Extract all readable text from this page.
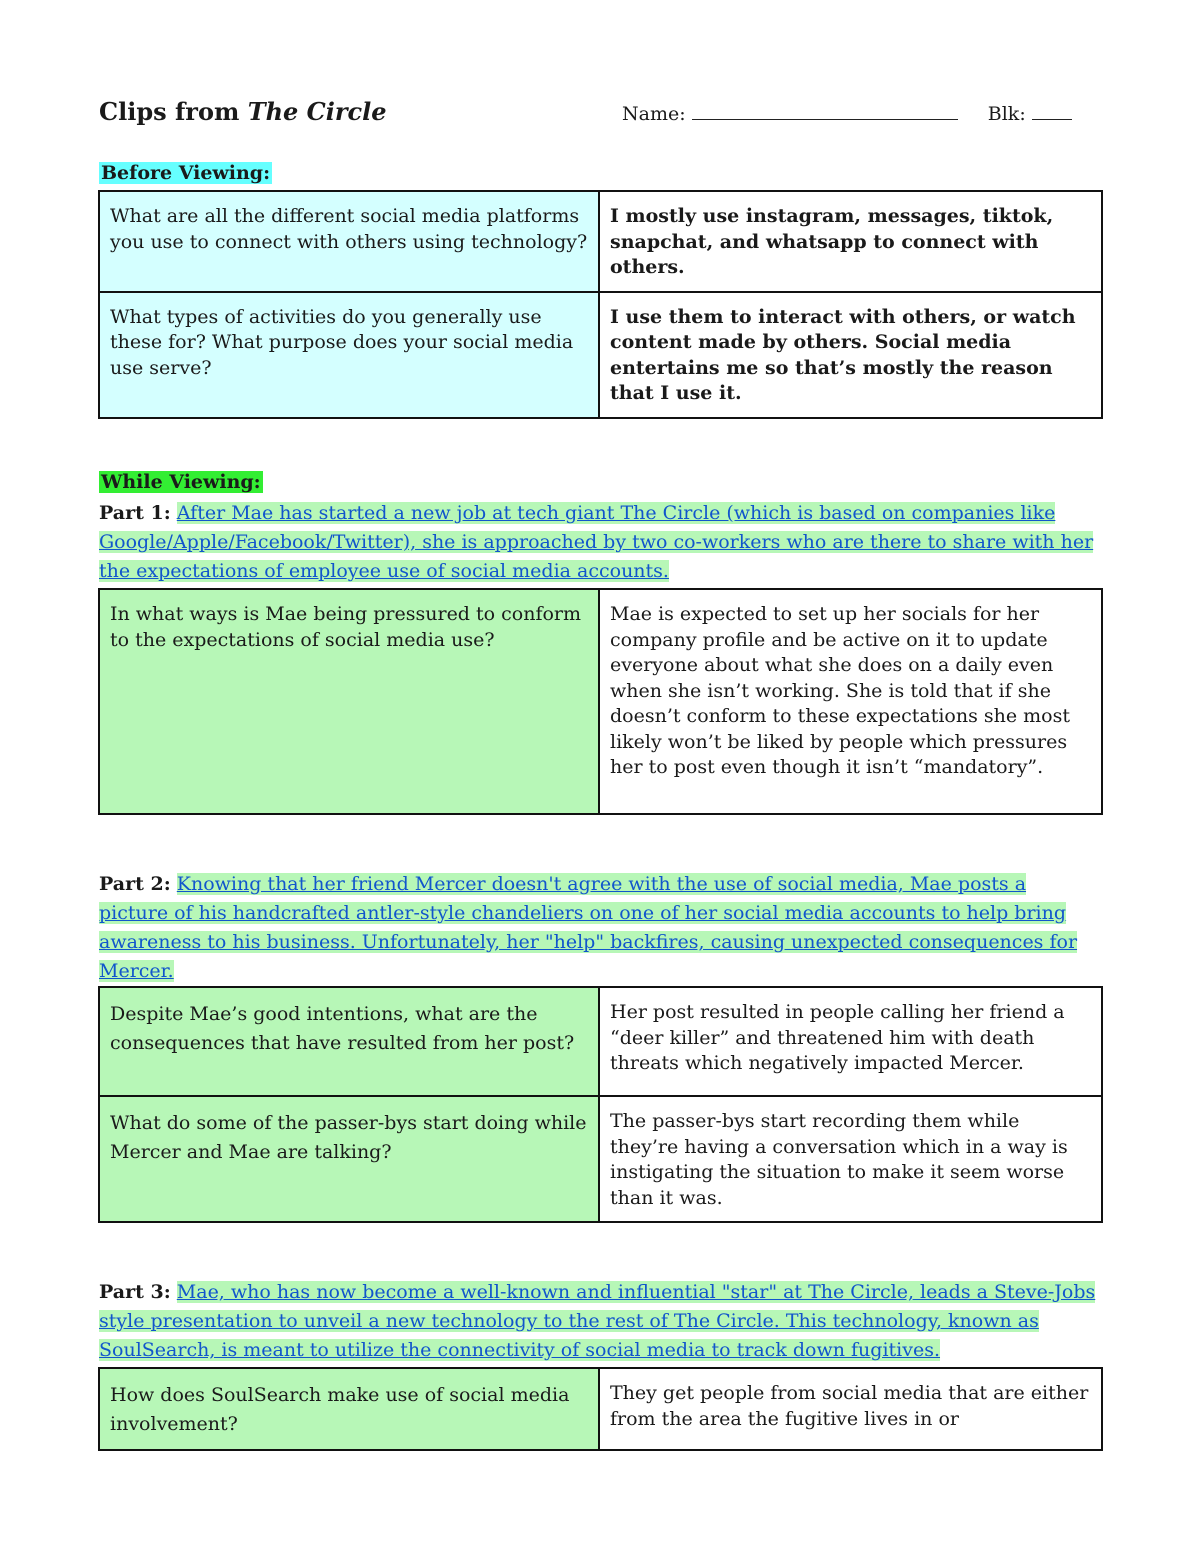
Clips from The Circle	Name:	Blk:
Before Viewing:
What are all the different social media platforms you use to connect with others using technology?	I mostly use instagram, messages, tiktok, snapchat, and whatsapp to connect with others.
What types of activities do you generally use these for? What purpose does your social media use serve?	I use them to interact with others, or watch content made by others. Social media entertains me so that’s mostly the reason that I use it.
While Viewing:
Part 1: After Mae has started a new job at tech giant The Circle (which is based on companies like Google/Apple/Facebook/Twitter), she is approached by two co-workers who are there to share with her the expectations of employee use of social media accounts.
In what ways is Mae being pressured to conform to the expectations of social media use?	Mae is expected to set up her socials for her company profile and be active on it to update everyone about what she does on a daily even when she isn’t working. She is told that if she doesn’t conform to these expectations she most likely won’t be liked by people which pressures her to post even though it isn’t “mandatory”.
Part 2: Knowing that her friend Mercer doesn't agree with the use of social media, Mae posts a picture of his handcrafted antler-style chandeliers on one of her social media accounts to help bring awareness to his business. Unfortunately, her "help" backfires, causing unexpected consequences for Mercer.
Despite Mae’s good intentions, what are the consequences that have resulted from her post?	Her post resulted in people calling her friend a “deer killer” and threatened him with death threats which negatively impacted Mercer.
What do some of the passer-bys start doing while Mercer and Mae are talking?	The passer-bys start recording them while they’re having a conversation which in a way is instigating the situation to make it seem worse than it was.
Part 3: Mae, who has now become a well-known and influential "star" at The Circle, leads a Steve-Jobs style presentation to unveil a new technology to the rest of The Circle. This technology, known as SoulSearch, is meant to utilize the connectivity of social media to track down fugitives.
How does SoulSearch make use of social media involvement?	They get people from social media that are either from the area the fugitive lives in or
